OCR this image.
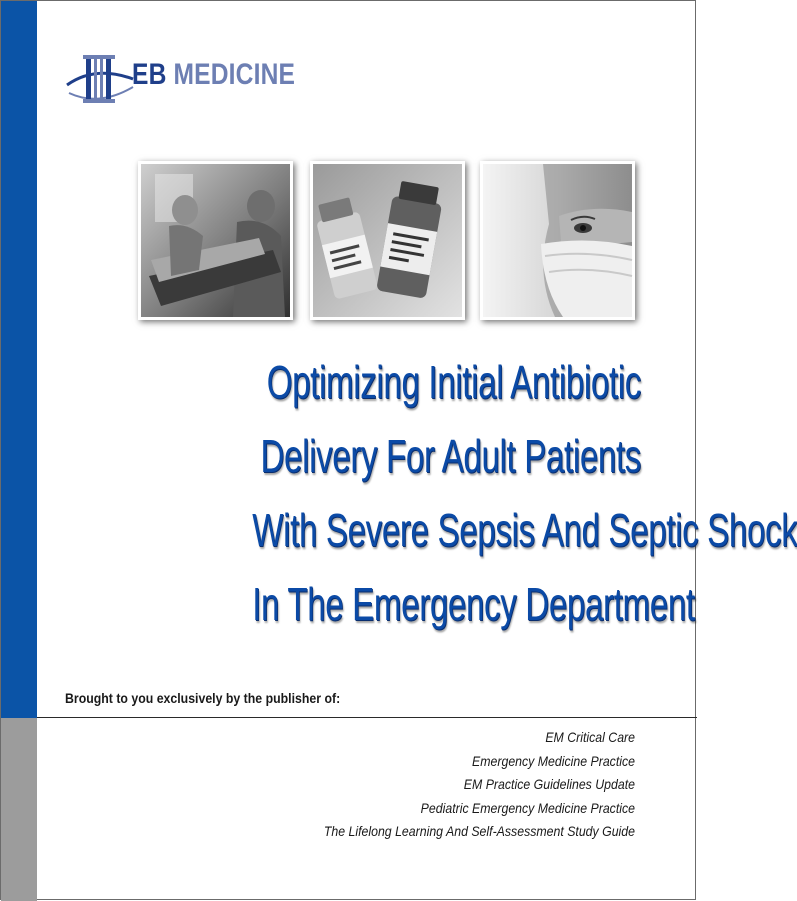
EB MEDICINE
Optimizing Initial Antibiotic
Delivery For Adult Patients
With Severe Sepsis And Septic Shock
In The Emergency Department
Brought to you exclusively by the publisher of:
EM Critical Care
Emergency Medicine Practice
EM Practice Guidelines Update
Pediatric Emergency Medicine Practice
The Lifelong Learning And Self-Assessment Study Guide
